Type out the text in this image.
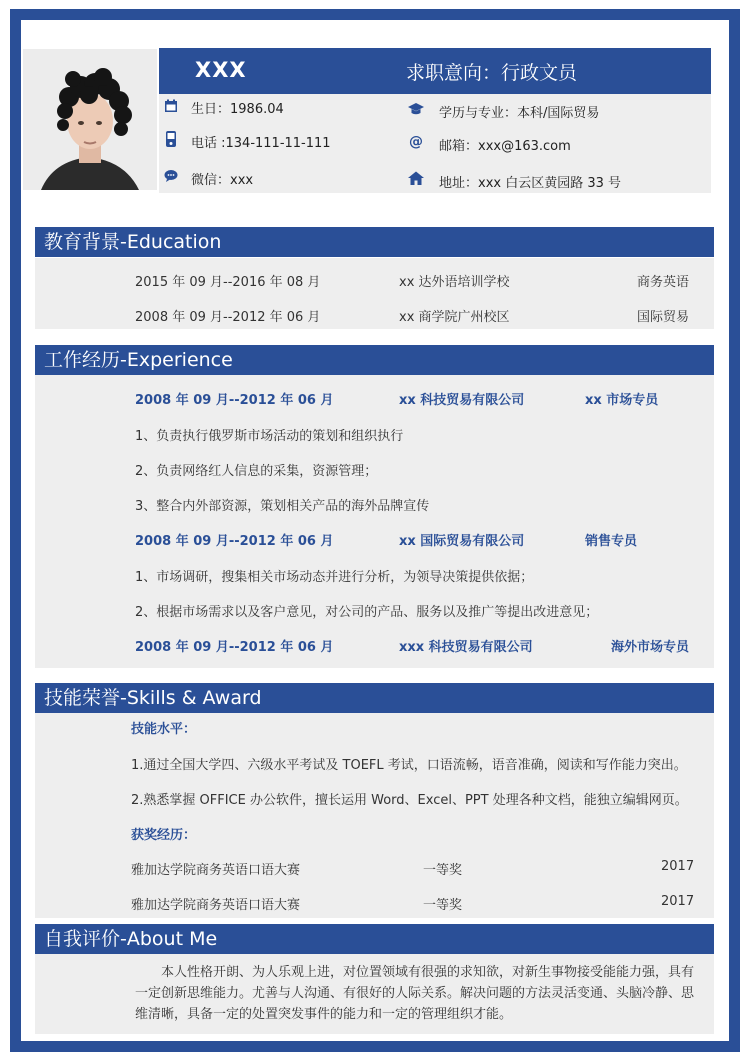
XXX	求职意向：行政文员
生日：1986.04
电话 :134-111-11-111
微信：xxx
学历与专业：本科/国际贸易
@ 邮箱：xxx@163.com
地址：xxx 白云区黄园路 33 号
教育背景-Education
2015 年 09 月--2016 年 08 月	xx 达外语培训学校	商务英语
2008 年 09 月--2012 年 06 月	xx 商学院广州校区	国际贸易
工作经历-Experience
2008 年 09 月--2012 年 06 月	xx 科技贸易有限公司	xx 市场专员
1、负责执行俄罗斯市场活动的策划和组织执行
2、负责网络红人信息的采集，资源管理；
3、整合内外部资源，策划相关产品的海外品牌宣传
2008 年 09 月--2012 年 06 月	xx 国际贸易有限公司	销售专员
1、市场调研，搜集相关市场动态并进行分析，为领导决策提供依据；
2、根据市场需求以及客户意见，对公司的产品、服务以及推广等提出改进意见；
2008 年 09 月--2012 年 06 月	xxx 科技贸易有限公司	海外市场专员
技能荣誉-Skills & Award
技能水平：
1.通过全国大学四、六级水平考试及 TOEFL 考试，口语流畅，语音准确，阅读和写作能力突出。
2.熟悉掌握 OFFICE 办公软件，擅长运用 Word、Excel、PPT 处理各种文档，能独立编辑网页。
获奖经历：
雅加达学院商务英语口语大赛	一等奖	2017
雅加达学院商务英语口语大赛	一等奖	2017
自我评价-About Me
本人性格开朗、为人乐观上进，对位置领域有很强的求知欲，对新生事物接受能能力强，具有一定创新思维能力。尤善与人沟通、有很好的人际关系。解决问题的方法灵活变通、头脑冷静、思维清晰，具备一定的处置突发事件的能力和一定的管理组织才能。
